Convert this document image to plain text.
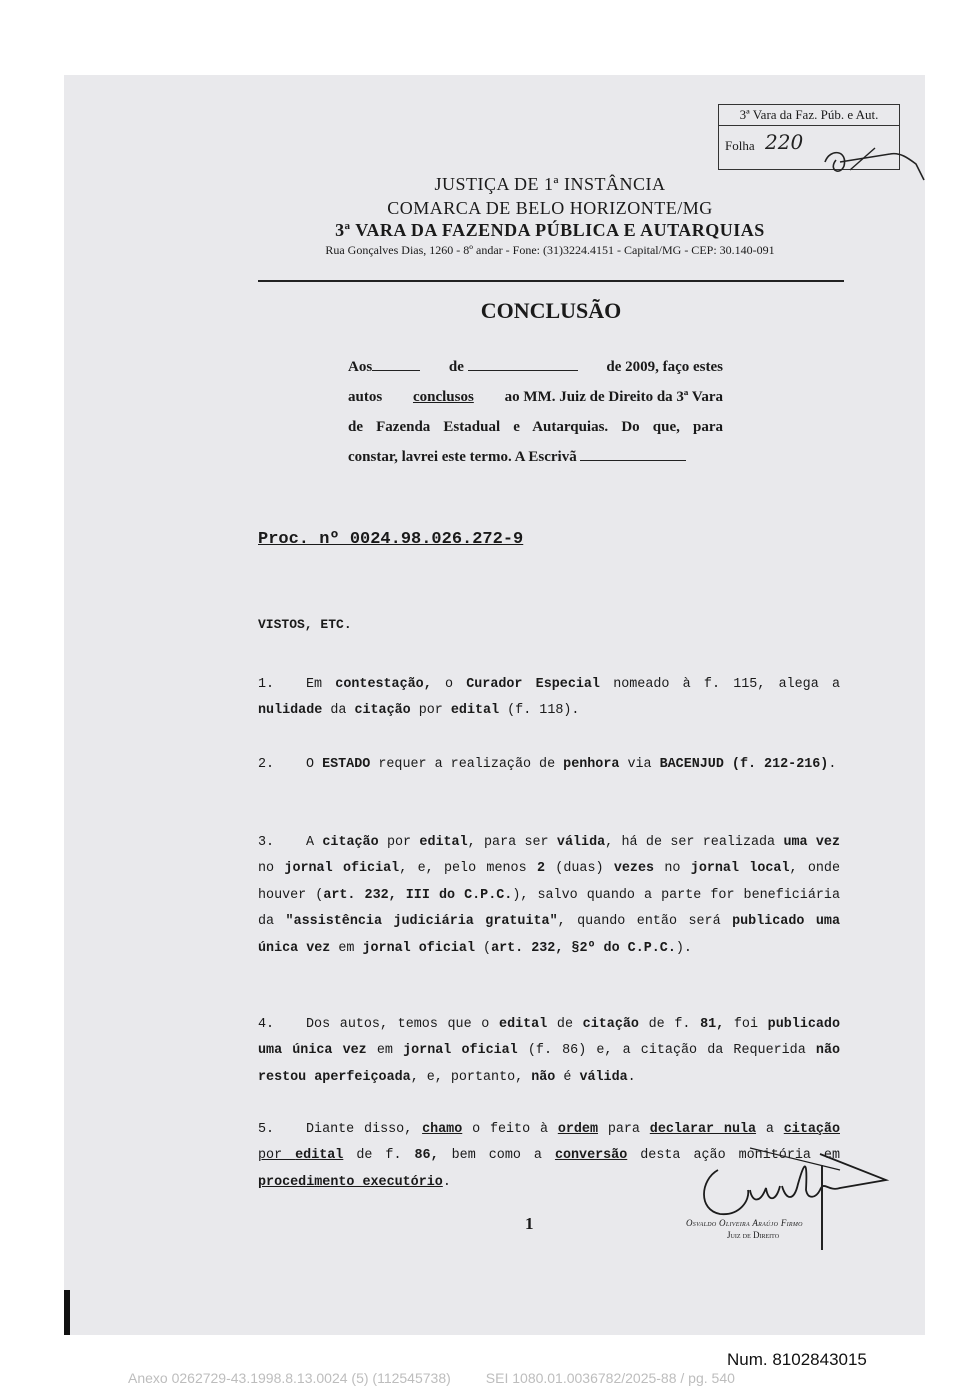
3ª Vara da Faz. Púb. e Aut.
Folha 220
JUSTIÇA DE 1ª INSTÂNCIA
COMARCA DE BELO HORIZONTE/MG
3ª VARA DA FAZENDA PÚBLICA E AUTARQUIAS
Rua Gonçalves Dias, 1260 - 8º andar - Fone: (31)3224.4151 - Capital/MG - CEP: 30.140-091
CONCLUSÃO
Aos	de	de 2009, faço estes
autos conclusos ao MM. Juiz de Direito da 3ª Vara
de Fazenda Estadual e Autarquias. Do que, para
constar, lavrei este termo. A Escrivã
Proc. nº 0024.98.026.272-9
VISTOS, ETC.
1. Em contestação, o Curador Especial nomeado à f. 115, alega a nulidade da citação por edital (f. 118).
2. O ESTADO requer a realização de penhora via BACENJUD (f. 212-216).
3. A citação por edital, para ser válida, há de ser realizada uma vez no jornal oficial, e, pelo menos 2 (duas) vezes no jornal local, onde houver (art. 232, III do C.P.C.), salvo quando a parte for beneficiária da "assistência judiciária gratuita", quando então será publicado uma única vez em jornal oficial (art. 232, §2º do C.P.C.).
4. Dos autos, temos que o edital de citação de f. 81, foi publicado uma única vez em jornal oficial (f. 86) e, a citação da Requerida não restou aperfeiçoada, e, portanto, não é válida.
5. Diante disso, chamo o feito à ordem para declarar nula a citação por edital de f. 86, bem como a conversão desta ação monitória em procedimento executório.
1	Osvaldo Oliveira Araújo Firmo
Juiz de Direito
Num. 8102843015
Anexo 0262729-43.1998.8.13.0024 (5) (112545738)         SEI 1080.01.0036782/2025-88 / pg. 540
